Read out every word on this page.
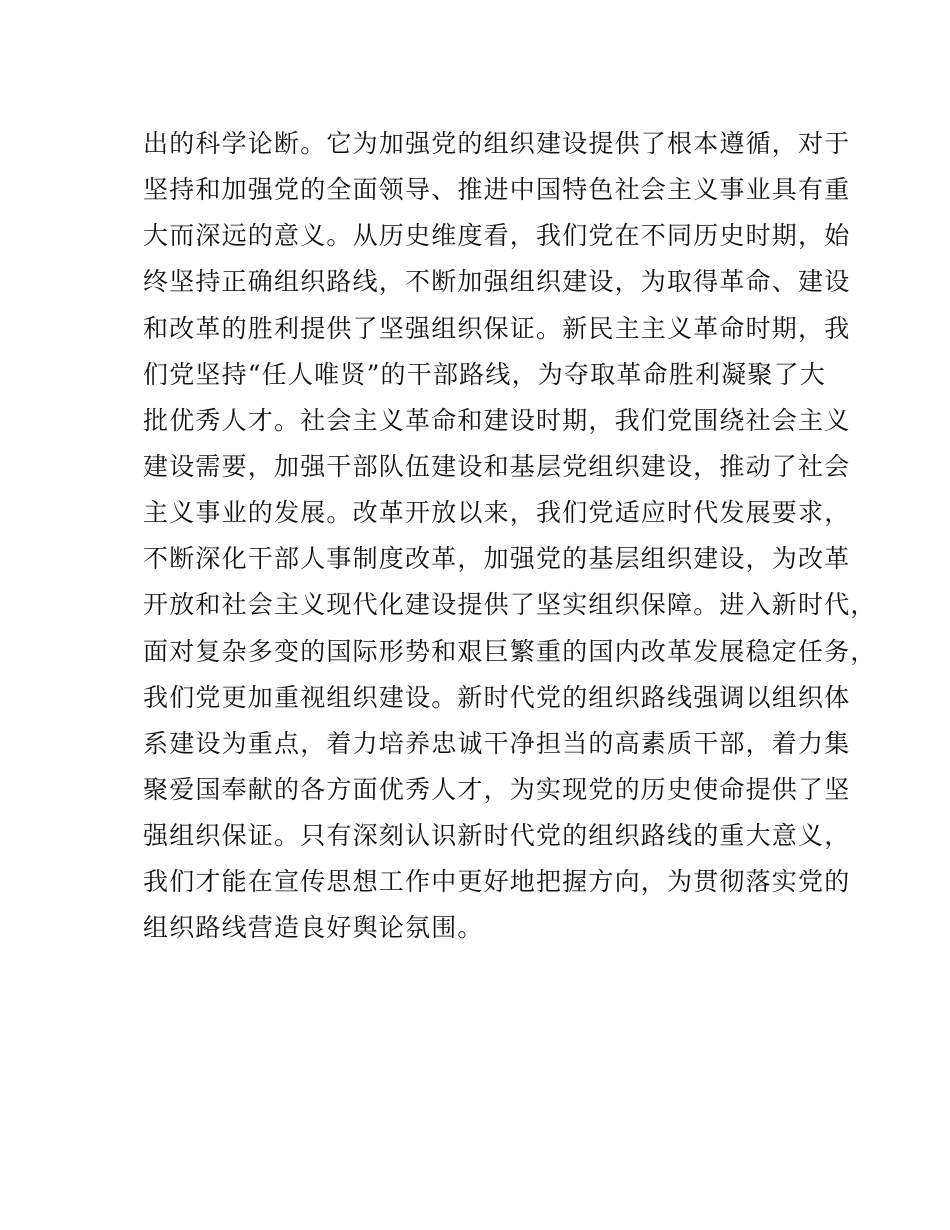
出的科学论断。它为加强党的组织建设提供了根本遵循，对于
坚持和加强党的全面领导、推进中国特色社会主义事业具有重
大而深远的意义。从历史维度看，我们党在不同历史时期，始
终坚持正确组织路线，不断加强组织建设，为取得革命、建设
和改革的胜利提供了坚强组织保证。新民主主义革命时期，我
们党坚持“任人唯贤”的干部路线，为夺取革命胜利凝聚了大
批优秀人才。社会主义革命和建设时期，我们党围绕社会主义
建设需要，加强干部队伍建设和基层党组织建设，推动了社会
主义事业的发展。改革开放以来，我们党适应时代发展要求，
不断深化干部人事制度改革，加强党的基层组织建设，为改革
开放和社会主义现代化建设提供了坚实组织保障。进入新时代，
面对复杂多变的国际形势和艰巨繁重的国内改革发展稳定任务，
我们党更加重视组织建设。新时代党的组织路线强调以组织体
系建设为重点，着力培养忠诚干净担当的高素质干部，着力集
聚爱国奉献的各方面优秀人才，为实现党的历史使命提供了坚
强组织保证。只有深刻认识新时代党的组织路线的重大意义，
我们才能在宣传思想工作中更好地把握方向，为贯彻落实党的
组织路线营造良好舆论氛围。
